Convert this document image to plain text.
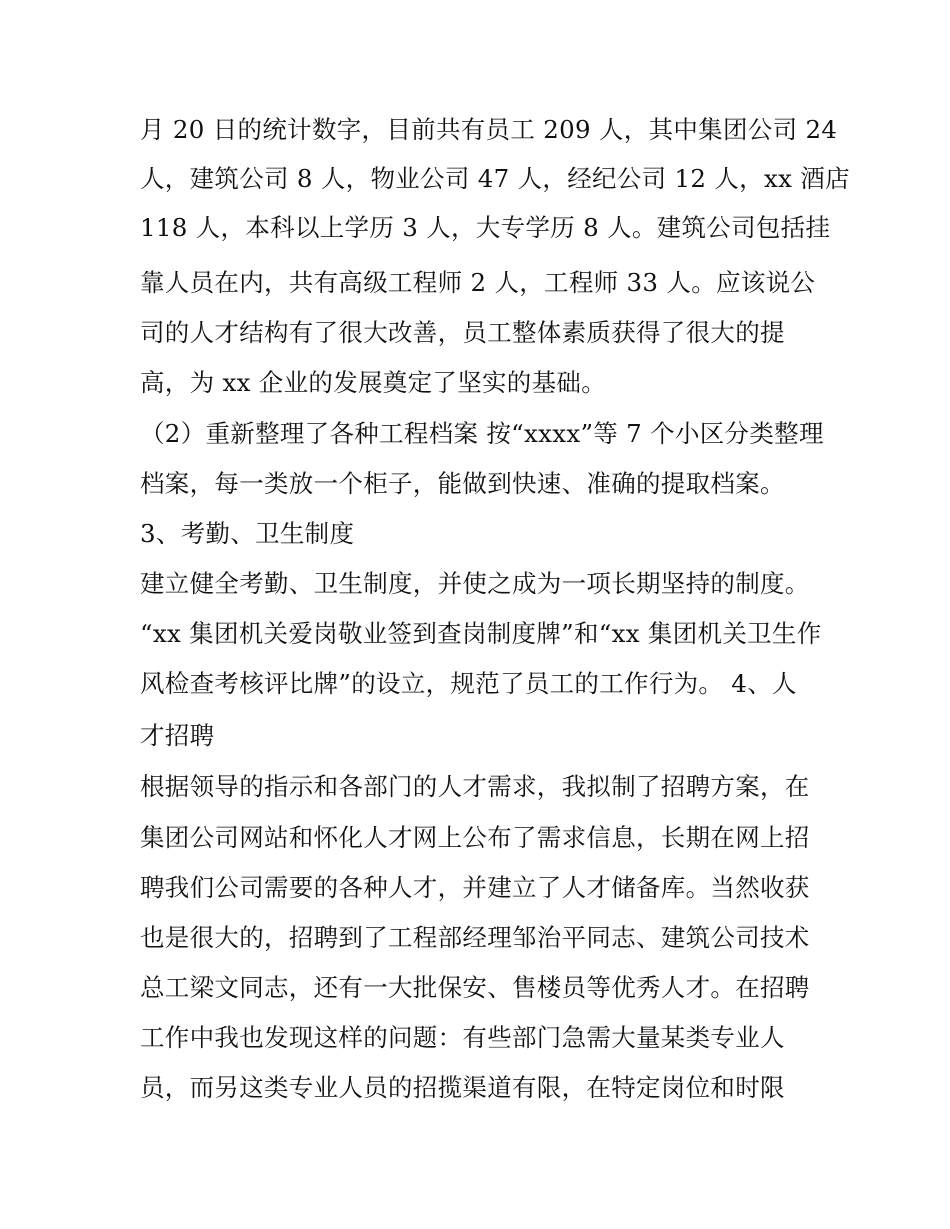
月 20 日的统计数字，目前共有员工 209 人，其中集团公司 24
人，建筑公司 8 人，物业公司 47 人，经纪公司 12 人，xx 酒店
118 人，本科以上学历 3 人，大专学历 8 人。建筑公司包括挂
靠人员在内，共有高级工程师 2 人，工程师 33 人。应该说公
司的人才结构有了很大改善，员工整体素质获得了很大的提
高，为 xx 企业的发展奠定了坚实的基础。
（2）重新整理了各种工程档案 按“xxxx”等 7 个小区分类整理
档案，每一类放一个柜子，能做到快速、准确的提取档案。
3、考勤、卫生制度
建立健全考勤、卫生制度，并使之成为一项长期坚持的制度。
“xx 集团机关爱岗敬业签到查岗制度牌”和“xx 集团机关卫生作
风检查考核评比牌”的设立，规范了员工的工作行为。 4、人
才招聘
根据领导的指示和各部门的人才需求，我拟制了招聘方案，在
集团公司网站和怀化人才网上公布了需求信息，长期在网上招
聘我们公司需要的各种人才，并建立了人才储备库。当然收获
也是很大的，招聘到了工程部经理邹治平同志、建筑公司技术
总工梁文同志，还有一大批保安、售楼员等优秀人才。在招聘
工作中我也发现这样的问题：有些部门急需大量某类专业人
员，而另这类专业人员的招揽渠道有限，在特定岗位和时限
